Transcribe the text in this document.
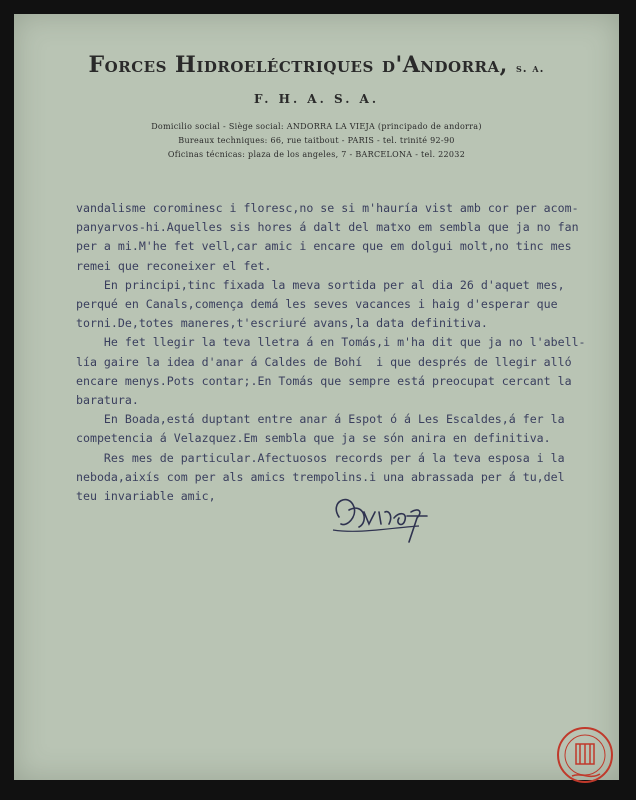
Forces Hidroeléctriques d'Andorra, s. a.
F. H. A. S. A.
Domicilio social - Siège social: ANDORRA LA VIEJA (principado de andorra)
Bureaux techniques: 66, rue taitbout - PARIS - tel. trinité 92-90
Oficinas técnicas: plaza de los angeles, 7 - BARCELONA - tel. 22032
vandalisme corominesc i floresc,no se si m'hauría vist amb cor per acom-
panyarvos-hi.Aquelles sis hores á dalt del matxo em sembla que ja no fan
per a mi.M'he fet vell,car amic i encare que em dolgui molt,no tinc mes
remei que reconeixer el fet.
En principi,tinc fixada la meva sortida per al dia 26 d'aquet mes,
perqué en Canals,comença demá les seves vacances i haig d'esperar que
torni.De,totes maneres,t'escriuré avans,la data definitiva.
He fet llegir la teva lletra á en Tomás,i m'ha dit que ja no l'abell-
lía gaire la idea d'anar á Caldes de Bohí  i que després de llegir alló
encare menys.Pots contar;.En Tomás que sempre está preocupat cercant la
baratura.
En Boada,está duptant entre anar á Espot ó á Les Escaldes,á fer la
competencia á Velazquez.Em sembla que ja se són anira en definitiva.
Res mes de particular.Afectuosos records per á la teva esposa i la
nebodа,aixís com per als amics trempolins.i una abrassada per á tu,del
teu invariable amic,
